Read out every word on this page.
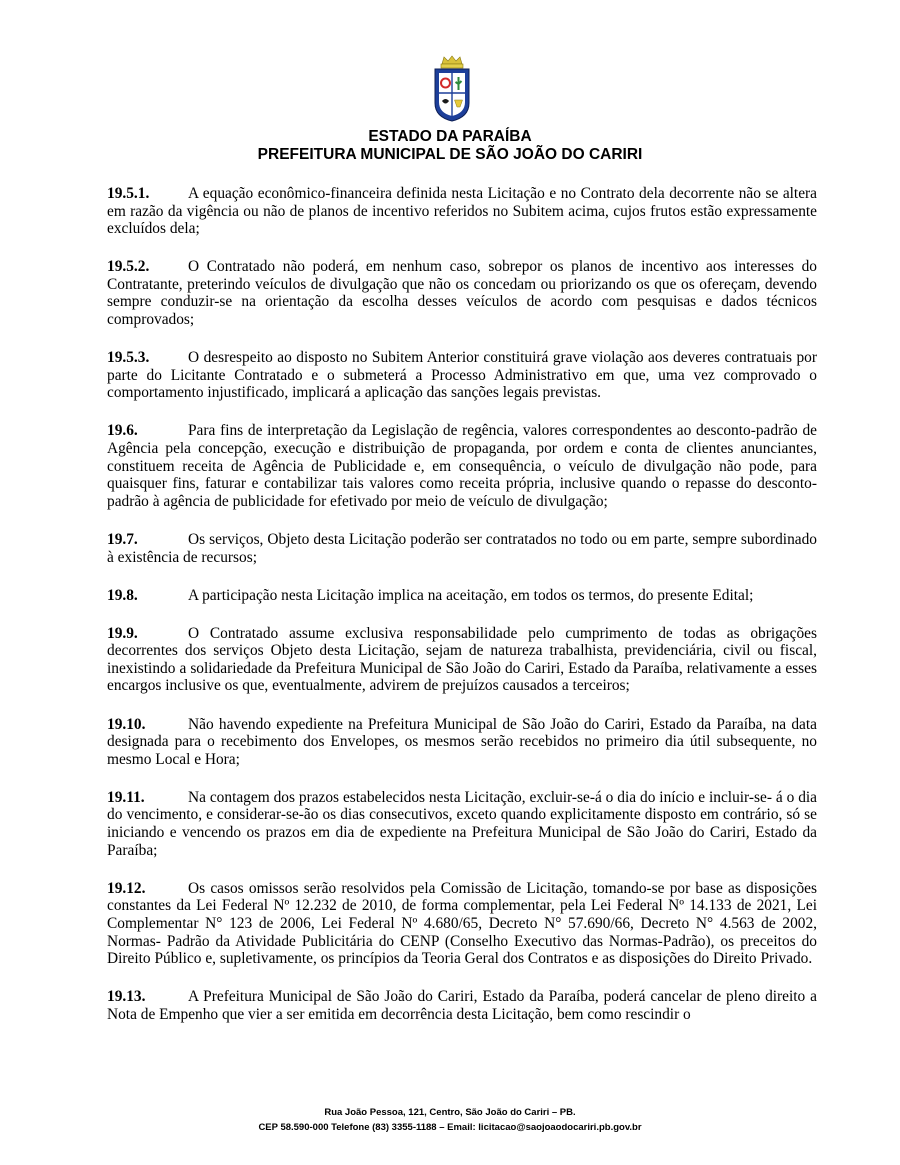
ESTADO DA PARAÍBA
PREFEITURA MUNICIPAL DE SÃO JOÃO DO CARIRI

19.5.1.	A equação econômico-financeira definida nesta Licitação e no Contrato dela decorrente não se altera em razão da vigência ou não de planos de incentivo referidos no Subitem acima, cujos frutos estão expressamente excluídos dela;

19.5.2.	O Contratado não poderá, em nenhum caso, sobrepor os planos de incentivo aos interesses do Contratante, preterindo veículos de divulgação que não os concedam ou priorizando os que os ofereçam, devendo sempre conduzir-se na orientação da escolha desses veículos de acordo com pesquisas e dados técnicos comprovados;

19.5.3.	O desrespeito ao disposto no Subitem Anterior constituirá grave violação aos deveres contratuais por parte do Licitante Contratado e o submeterá a Processo Administrativo em que, uma vez comprovado o comportamento injustificado, implicará a aplicação das sanções legais previstas.

19.6.	Para fins de interpretação da Legislação de regência, valores correspondentes ao desconto-padrão de Agência pela concepção, execução e distribuição de propaganda, por ordem e conta de clientes anunciantes, constituem receita de Agência de Publicidade e, em consequência, o veículo de divulgação não pode, para quaisquer fins, faturar e contabilizar tais valores como receita própria, inclusive quando o repasse do desconto-padrão à agência de publicidade for efetivado por meio de veículo de divulgação;

19.7.	Os serviços, Objeto desta Licitação poderão ser contratados no todo ou em parte, sempre subordinado à existência de recursos;

19.8.	A participação nesta Licitação implica na aceitação, em todos os termos, do presente Edital;

19.9.	O Contratado assume exclusiva responsabilidade pelo cumprimento de todas as obrigações decorrentes dos serviços Objeto desta Licitação, sejam de natureza trabalhista, previdenciária, civil ou fiscal, inexistindo a solidariedade da Prefeitura Municipal de São João do Cariri, Estado da Paraíba, relativamente a esses encargos inclusive os que, eventualmente, advirem de prejuízos causados a terceiros;

19.10.	Não havendo expediente na Prefeitura Municipal de São João do Cariri, Estado da Paraíba, na data designada para o recebimento dos Envelopes, os mesmos serão recebidos no primeiro dia útil subsequente, no mesmo Local e Hora;

19.11.	Na contagem dos prazos estabelecidos nesta Licitação, excluir-se-á o dia do início e incluir-se- á o dia do vencimento, e considerar-se-ão os dias consecutivos, exceto quando explicitamente disposto em contrário, só se iniciando e vencendo os prazos em dia de expediente na Prefeitura Municipal de São João do Cariri, Estado da Paraíba;

19.12.	Os casos omissos serão resolvidos pela Comissão de Licitação, tomando-se por base as disposições constantes da Lei Federal Nº 12.232 de 2010, de forma complementar, pela Lei Federal Nº 14.133 de 2021, Lei Complementar N° 123 de 2006, Lei Federal Nº 4.680/65, Decreto N° 57.690/66, Decreto N° 4.563 de 2002, Normas- Padrão da Atividade Publicitária do CENP (Conselho Executivo das Normas-Padrão), os preceitos do Direito Público e, supletivamente, os princípios da Teoria Geral dos Contratos e as disposições do Direito Privado.

19.13.	A Prefeitura Municipal de São João do Cariri, Estado da Paraíba, poderá cancelar de pleno direito a Nota de Empenho que vier a ser emitida em decorrência desta Licitação, bem como rescindir o

Rua João Pessoa, 121, Centro, São João do Cariri – PB.
CEP 58.590-000 Telefone (83) 3355-1188 – Email: licitacao@saojoaodocariri.pb.gov.br
